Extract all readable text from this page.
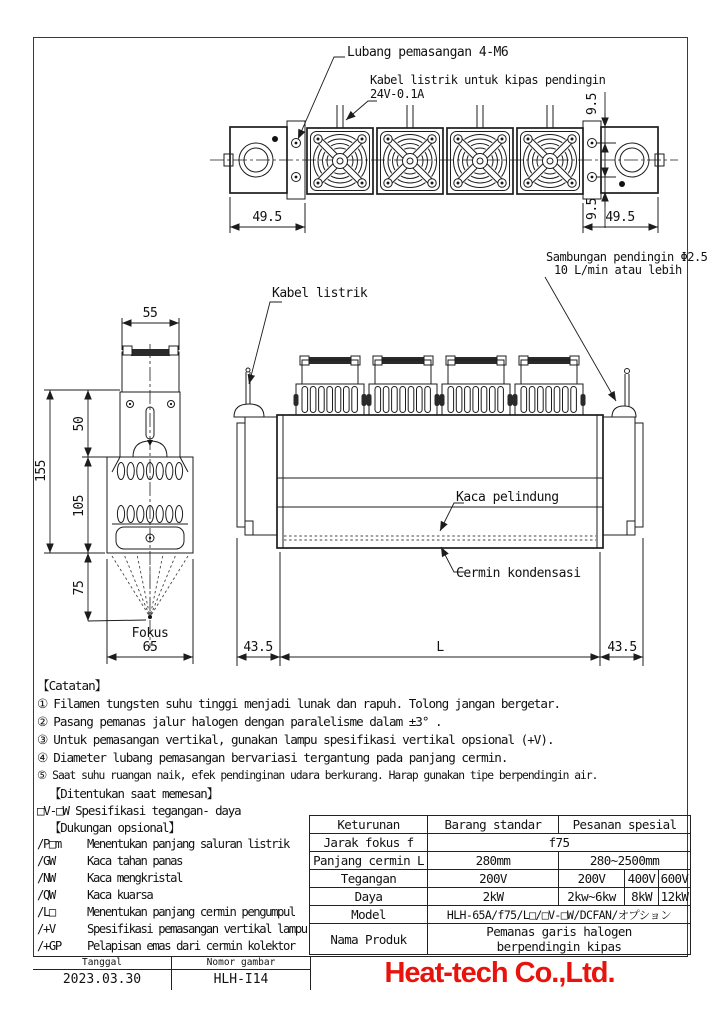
Lubang pemasangan 4-M6
Kabel listrik untuk kipas pendingin
24V-0.1A
49.5	49.5
9.5
9.5
55
Fokus
65
155
50
105
75
Kabel listrik
Sambungan pendingin Φ2.5
10 L/min atau lebih
Kaca pelindung
Cermin kondensasi
43.5	L	43.5
【Catatan】
① Filamen tungsten suhu tinggi menjadi lunak dan rapuh. Tolong jangan bergetar.
② Pasang pemanas jalur halogen dengan paralelisme dalam ±3° .
③ Untuk pemasangan vertikal, gunakan lampu spesifikasi vertikal opsional (+V).
④ Diameter lubang pemasangan bervariasi tergantung pada panjang cermin.
⑤ Saat suhu ruangan naik, efek pendinginan udara berkurang. Harap gunakan tipe berpendingin air.
【Ditentukan saat memesan】
□V-□W Spesifikasi tegangan- daya
【Dukungan opsional】
/P□m	Menentukan panjang saluran listrik
/GW	Kaca tahan panas
/NW	Kaca mengkristal
/QW	Kaca kuarsa
/L□	Menentukan panjang cermin pengumpul
/+V	Spesifikasi pemasangan vertikal lampu
/+GP	Pelapisan emas dari cermin kolektor
Keturunan	Barang standar	Pesanan spesial		
Jarak fokus f	f75			
Panjang cermin L	280mm	280~2500mm		
Tegangan	200V	200V	400V	600V
Daya	2kW	2kw~6kw	8kW	12kW
Model	HLH-65A/f75/L□/□V-□W/DCFAN/オプション			
Nama Produk	Pemanas garis halogen
berpendingin kipas			
Tanggal
2023.03.30
Nomor gambar
HLH-I14	Heat-tech Co.,Ltd.
